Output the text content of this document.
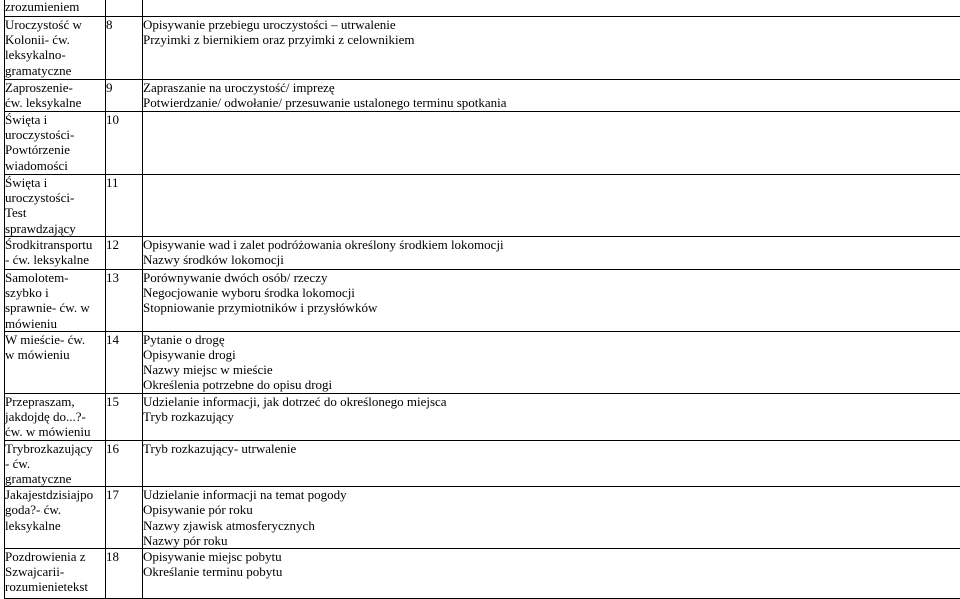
zrozumieniem		

Uroczystość w
Kolonii- ćw.
leksykalno-
gramatyczne	8	Opisywanie przebiegu uroczystości – utrwalenie
Przyimki z biernikiem oraz przyimki z celownikiem

Zaproszenie-
ćw. leksykalne	9	Zapraszanie na uroczystość/ imprezę
Potwierdzanie/ odwołanie/ przesuwanie ustalonego terminu spotkania

Święta i
uroczystości-
Powtórzenie
wiadomości	10	

Święta i
uroczystości-
Test
sprawdzający	11	

Środkitransportu
- ćw. leksykalne	12	Opisywanie wad i zalet podróżowania określony środkiem lokomocji
Nazwy środków lokomocji

Samolotem-
szybko i
sprawnie- ćw. w
mówieniu	13	Porównywanie dwóch osób/ rzeczy
Negocjowanie wyboru środka lokomocji
Stopniowanie przymiotników i przysłówków

W mieście- ćw.
w mówieniu	14	Pytanie o drogę
Opisywanie drogi
Nazwy miejsc w mieście
Określenia potrzebne do opisu drogi

Przepraszam,
jakdojdę do...?-
ćw. w mówieniu	15	Udzielanie informacji, jak dotrzeć do określonego miejsca
Tryb rozkazujący

Trybrozkazujący
- ćw.
gramatyczne	16	Tryb rozkazujący- utrwalenie

Jakajestdzisiajpo
goda?- ćw.
leksykalne	17	Udzielanie informacji na temat pogody
Opisywanie pór roku
Nazwy zjawisk atmosferycznych
Nazwy pór roku

Pozdrowienia z
Szwajcarii-
rozumienietekst	18	Opisywanie miejsc pobytu
Określanie terminu pobytu
